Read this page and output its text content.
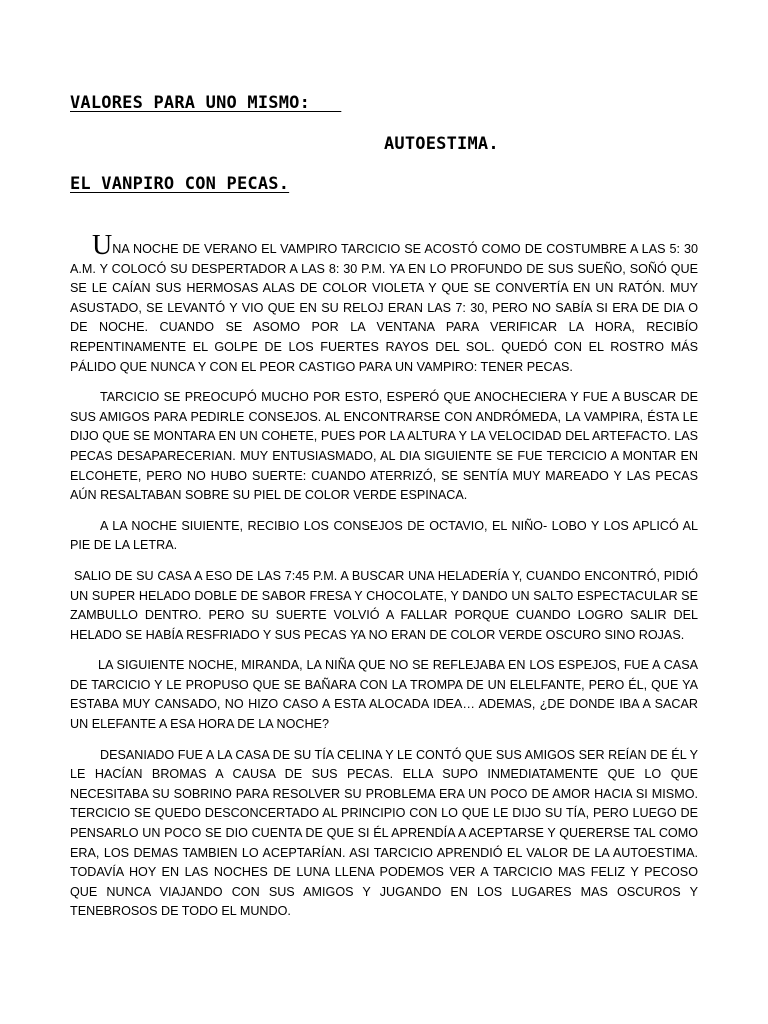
VALORES PARA UNO MISMO:
AUTOESTIMA.
EL VANPIRO CON PECAS.

UNA NOCHE DE VERANO EL VAMPIRO TARCICIO SE ACOSTÓ COMO DE COSTUMBRE A LAS 5: 30 A.M. Y COLOCÓ SU DESPERTADOR A LAS 8: 30 P.M. YA EN LO PROFUNDO DE SUS SUEÑO, SOÑÓ QUE SE LE CAÍAN SUS HERMOSAS ALAS DE COLOR VIOLETA Y QUE SE CONVERTÍA EN UN RATÓN. MUY ASUSTADO, SE LEVANTÓ Y VIO QUE EN SU RELOJ ERAN LAS 7: 30, PERO NO SABÍA SI ERA DE DIA O DE NOCHE. CUANDO SE ASOMO POR LA VENTANA PARA VERIFICAR LA HORA, RECIBÍO REPENTINAMENTE EL GOLPE DE LOS FUERTES RAYOS DEL SOL. QUEDÓ CON EL ROSTRO MÁS PÁLIDO QUE NUNCA Y CON EL PEOR CASTIGO PARA UN VAMPIRO: TENER PECAS.

TARCICIO SE PREOCUPÓ MUCHO POR ESTO, ESPERÓ QUE ANOCHECIERA Y FUE A BUSCAR DE SUS AMIGOS PARA PEDIRLE CONSEJOS. AL ENCONTRARSE CON ANDRÓMEDA, LA VAMPIRA, ÉSTA LE DIJO QUE SE MONTARA EN UN COHETE, PUES POR LA ALTURA Y LA VELOCIDAD DEL ARTEFACTO. LAS PECAS DESAPARECERIAN. MUY ENTUSIASMADO, AL DIA SIGUIENTE SE FUE TERCICIO A MONTAR EN ELCOHETE, PERO NO HUBO SUERTE: CUANDO ATERRIZÓ, SE SENTÍA MUY MAREADO Y LAS PECAS AÚN RESALTABAN SOBRE SU PIEL DE COLOR VERDE ESPINACA.

A LA NOCHE SIUIENTE, RECIBIO LOS CONSEJOS DE OCTAVIO, EL NIÑO- LOBO Y LOS APLICÓ AL PIE DE LA LETRA.

SALIO DE SU CASA A ESO DE LAS 7:45 P.M. A BUSCAR UNA HELADERÍA Y, CUANDO ENCONTRÓ, PIDIÓ UN SUPER HELADO DOBLE DE SABOR FRESA Y CHOCOLATE, Y DANDO UN SALTO ESPECTACULAR SE ZAMBULLO DENTRO. PERO SU SUERTE VOLVIÓ A FALLAR PORQUE CUANDO LOGRO SALIR DEL HELADO SE HABÍA RESFRIADO Y SUS PECAS YA NO ERAN DE COLOR VERDE OSCURO SINO ROJAS.

LA SIGUIENTE NOCHE, MIRANDA, LA NIÑA QUE NO SE REFLEJABA EN LOS ESPEJOS, FUE A CASA DE TARCICIO Y LE PROPUSO QUE SE BAÑARA CON LA TROMPA DE UN ELELFANTE, PERO ÉL, QUE YA ESTABA MUY CANSADO, NO HIZO CASO A ESTA ALOCADA IDEA… ADEMAS, ¿DE DONDE IBA A SACAR UN ELEFANTE A ESA HORA DE LA NOCHE?

DESANIADO FUE A LA CASA DE SU TÍA CELINA Y LE CONTÓ QUE SUS AMIGOS SER REÍAN DE ÉL Y LE HACÍAN BROMAS A CAUSA DE SUS PECAS. ELLA SUPO INMEDIATAMENTE QUE LO QUE NECESITABA SU SOBRINO PARA RESOLVER SU PROBLEMA ERA UN POCO DE AMOR HACIA SI MISMO. TERCICIO SE QUEDO DESCONCERTADO AL PRINCIPIO CON LO QUE LE DIJO SU TÍA, PERO LUEGO DE PENSARLO UN POCO SE DIO CUENTA DE QUE SI ÉL APRENDÍA A ACEPTARSE Y QUERERSE TAL COMO ERA, LOS DEMAS TAMBIEN LO ACEPTARÍAN. ASI TARCICIO APRENDIÓ EL VALOR DE LA AUTOESTIMA. TODAVÍA HOY EN LAS NOCHES DE LUNA LLENA PODEMOS VER A TARCICIO MAS FELIZ Y PECOSO QUE NUNCA VIAJANDO CON SUS AMIGOS Y JUGANDO EN LOS LUGARES MAS OSCUROS Y TENEBROSOS DE TODO EL MUNDO.
